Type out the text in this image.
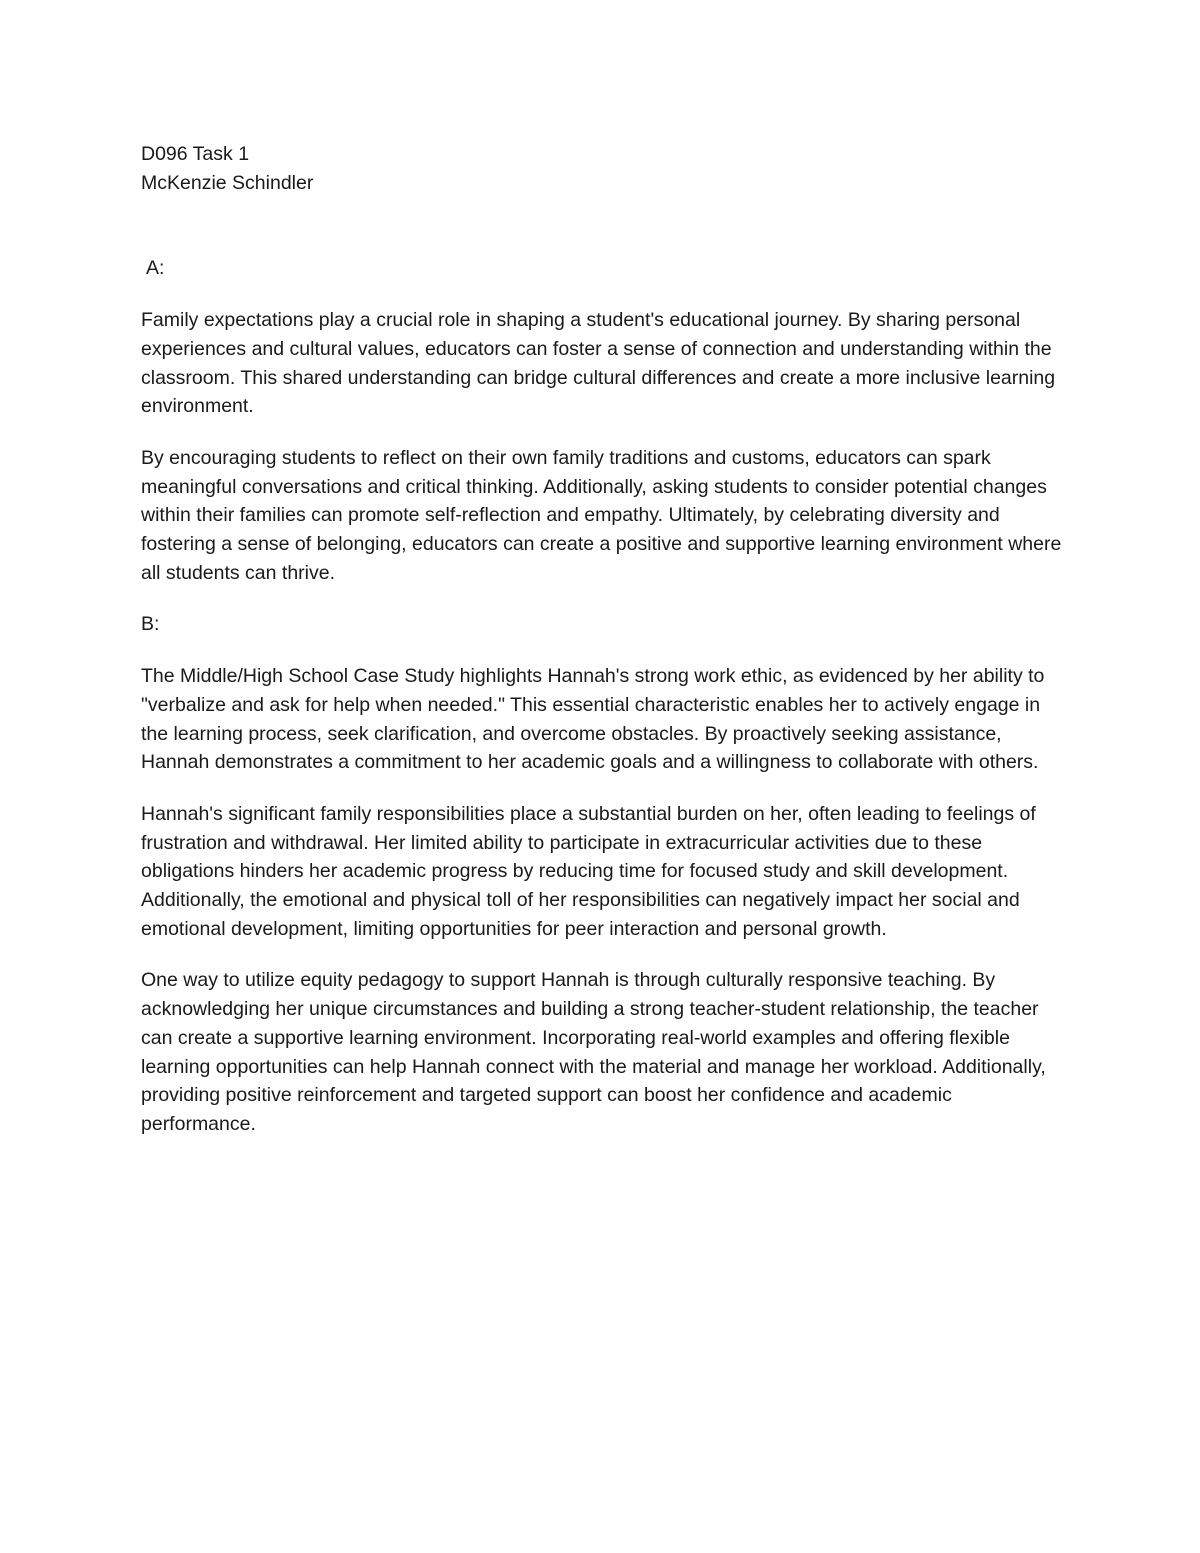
D096 Task 1

McKenzie Schindler

A:

Family expectations play a crucial role in shaping a student's educational journey. By sharing personal experiences and cultural values, educators can foster a sense of connection and understanding within the classroom. This shared understanding can bridge cultural differences and create a more inclusive learning environment.

By encouraging students to reflect on their own family traditions and customs, educators can spark meaningful conversations and critical thinking. Additionally, asking students to consider potential changes within their families can promote self-reflection and empathy. Ultimately, by celebrating diversity and fostering a sense of belonging, educators can create a positive and supportive learning environment where all students can thrive.

B:

The Middle/High School Case Study highlights Hannah's strong work ethic, as evidenced by her ability to "verbalize and ask for help when needed." This essential characteristic enables her to actively engage in the learning process, seek clarification, and overcome obstacles. By proactively seeking assistance, Hannah demonstrates a commitment to her academic goals and a willingness to collaborate with others.

Hannah's significant family responsibilities place a substantial burden on her, often leading to feelings of frustration and withdrawal. Her limited ability to participate in extracurricular activities due to these obligations hinders her academic progress by reducing time for focused study and skill development. Additionally, the emotional and physical toll of her responsibilities can negatively impact her social and emotional development, limiting opportunities for peer interaction and personal growth.

One way to utilize equity pedagogy to support Hannah is through culturally responsive teaching. By acknowledging her unique circumstances and building a strong teacher-student relationship, the teacher can create a supportive learning environment. Incorporating real-world examples and offering flexible learning opportunities can help Hannah connect with the material and manage her workload. Additionally, providing positive reinforcement and targeted support can boost her confidence and academic performance.
